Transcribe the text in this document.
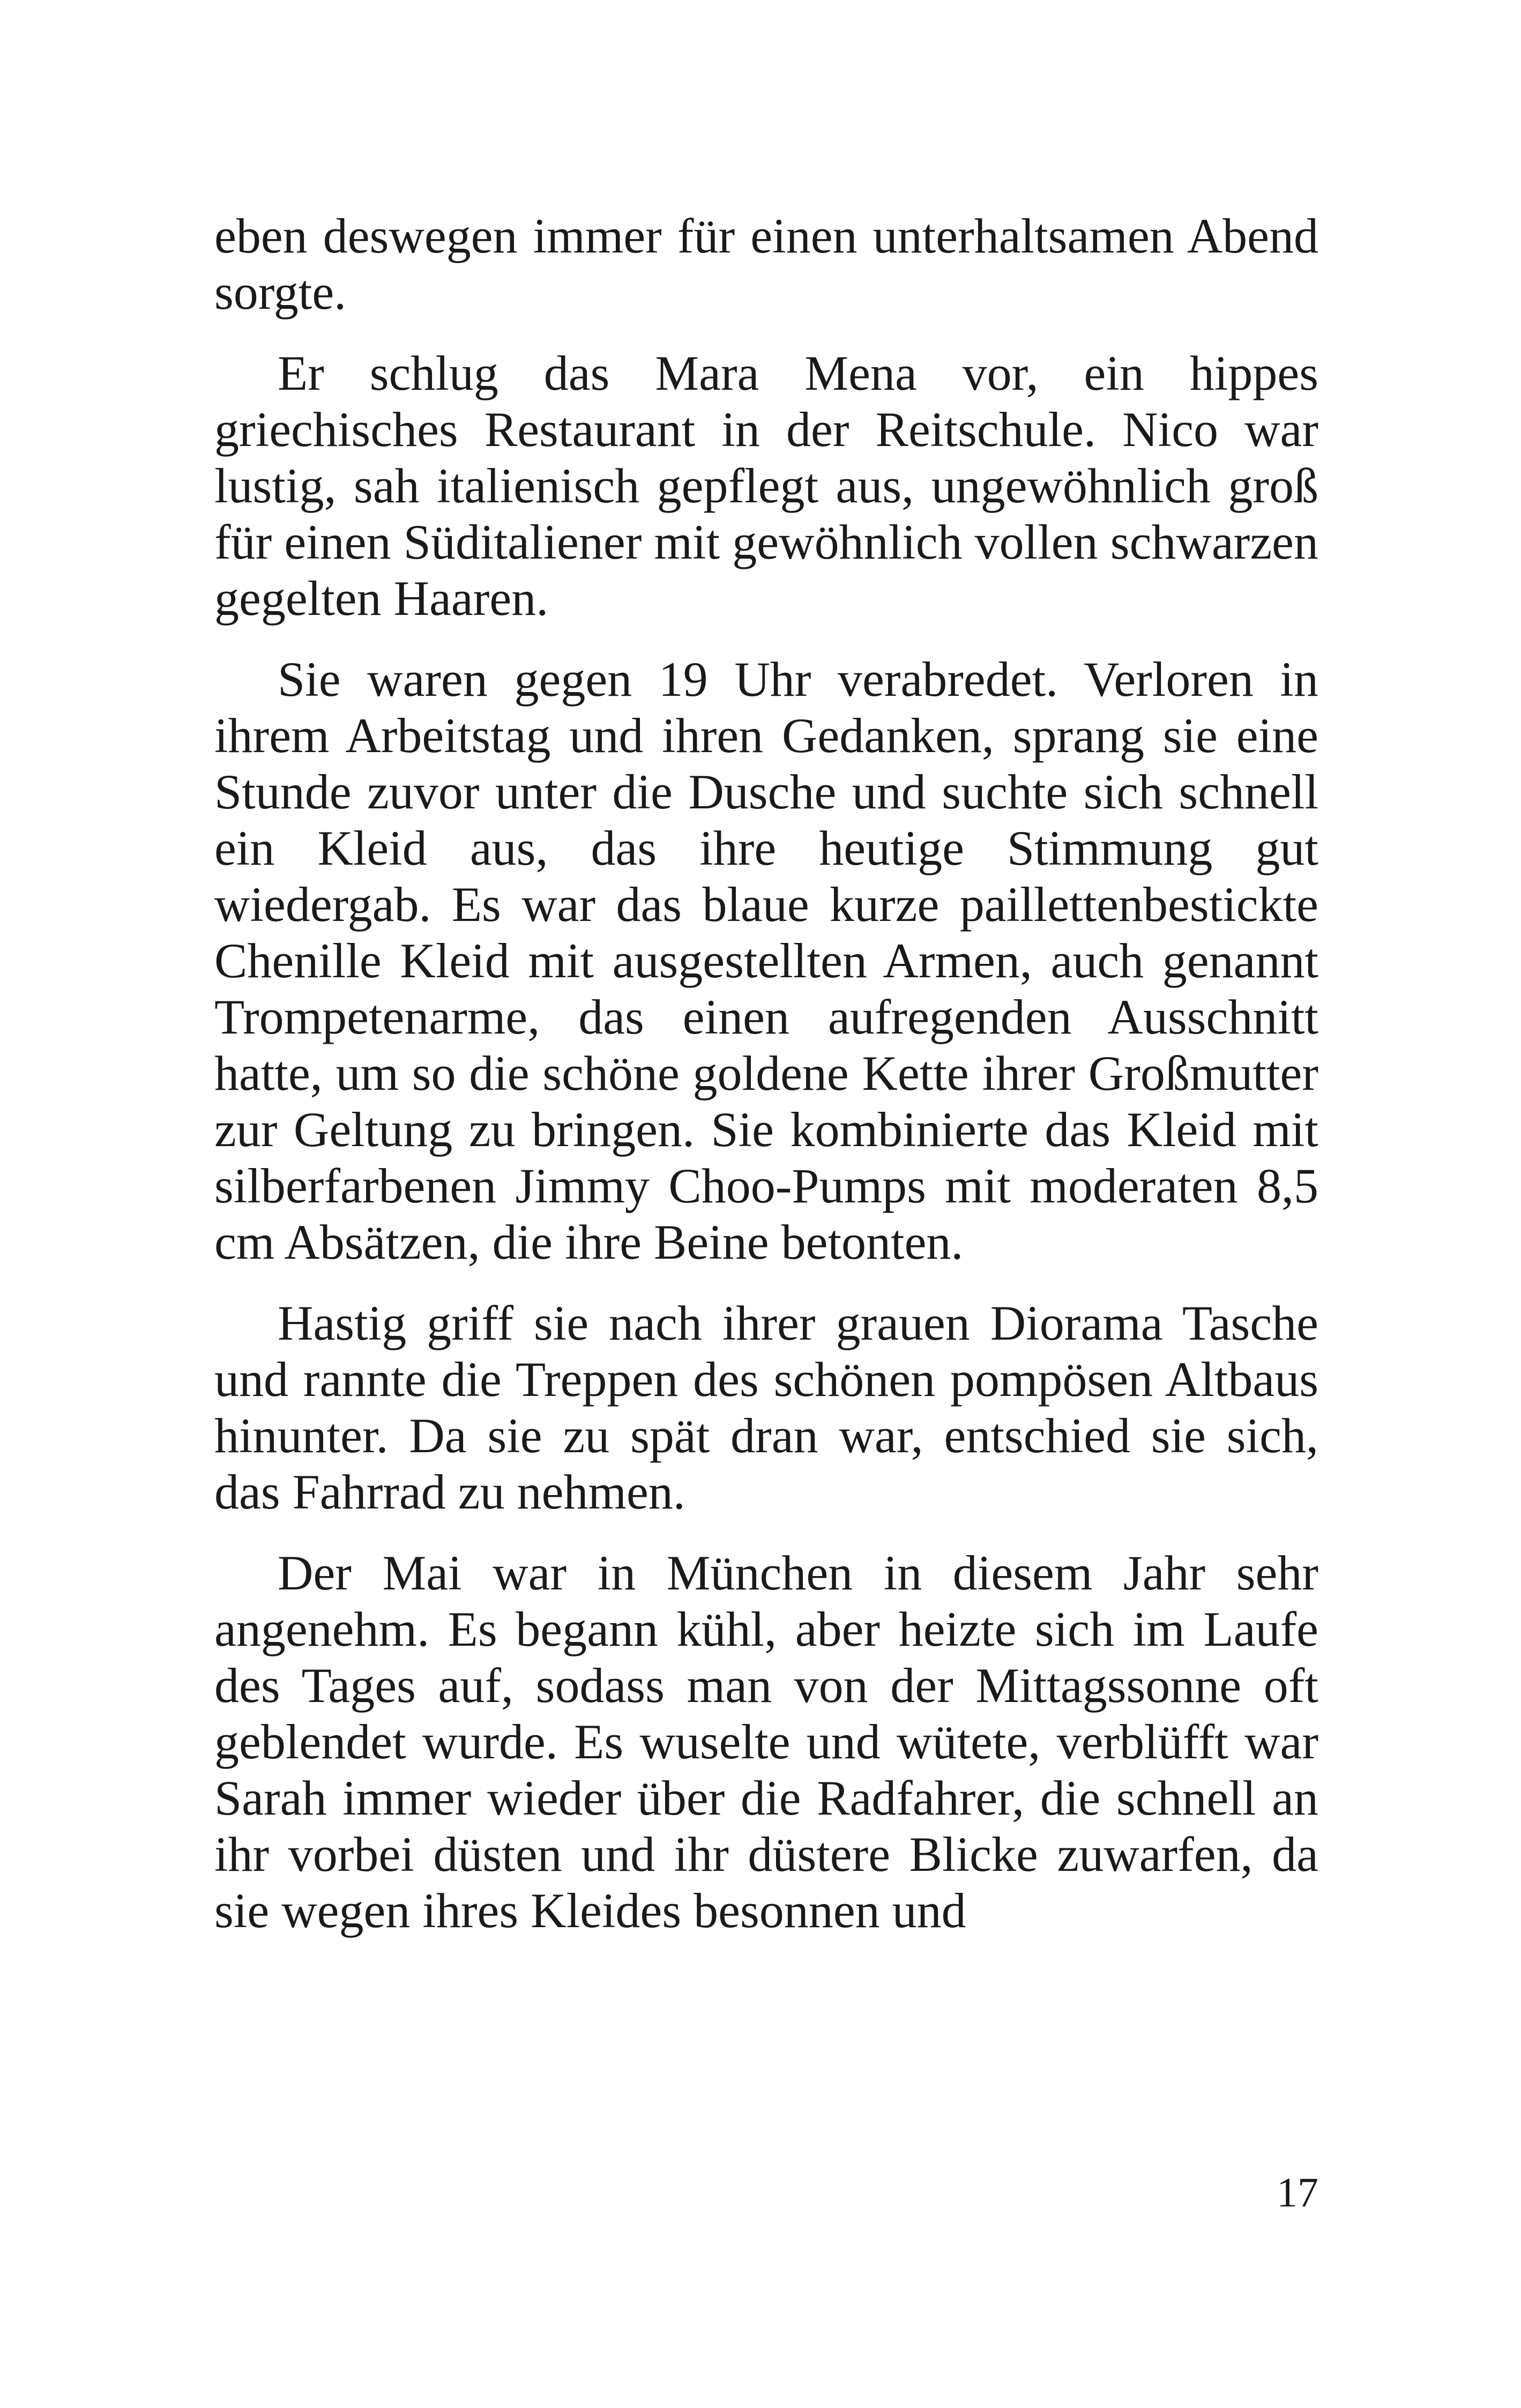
eben deswegen immer für einen unterhaltsamen Abend sorgte.

Er schlug das Mara Mena vor, ein hippes griechisches Restaurant in der Reitschule. Nico war lustig, sah italienisch gepflegt aus, ungewöhnlich groß für einen Süditaliener mit gewöhnlich vollen schwarzen gegelten Haaren.

Sie waren gegen 19 Uhr verabredet. Verloren in ihrem Arbeitstag und ihren Gedanken, sprang sie eine Stunde zuvor unter die Dusche und suchte sich schnell ein Kleid aus, das ihre heutige Stimmung gut wiedergab. Es war das blaue kurze paillettenbestickte Chenille Kleid mit ausgestellten Armen, auch genannt Trompetenarme, das einen aufregenden Ausschnitt hatte, um so die schöne goldene Kette ihrer Großmutter zur Geltung zu bringen. Sie kombinierte das Kleid mit silberfarbenen Jimmy Choo-Pumps mit moderaten 8,5 cm Absätzen, die ihre Beine betonten.

Hastig griff sie nach ihrer grauen Diorama Tasche und rannte die Treppen des schönen pompösen Altbaus hinunter. Da sie zu spät dran war, entschied sie sich, das Fahrrad zu nehmen.

Der Mai war in München in diesem Jahr sehr angenehm. Es begann kühl, aber heizte sich im Laufe des Tages auf, sodass man von der Mittagssonne oft geblendet wurde. Es wuselte und wütete, verblüfft war Sarah immer wieder über die Radfahrer, die schnell an ihr vorbei düsten und ihr düstere Blicke zuwarfen, da sie wegen ihres Kleides besonnen und

17
